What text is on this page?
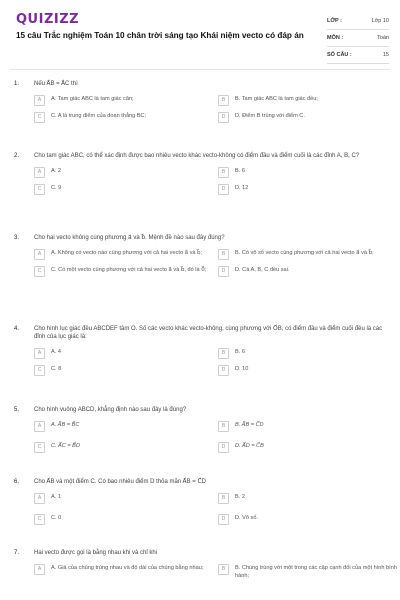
QUIZIZZ
15 câu Trắc nghiệm Toán 10 chân trời sáng tạo Khái niệm vecto có đáp án
LỚP :	Lớp 10
MÔN :	Toán
SỐ CÂU :	15
1.	Nếu A⃗B = A⃗C thì
A	A. Tam giác ABC là tam giác cân;	B	B. Tam giác ABC là tam giác đều;
C	C. A là trung điểm của đoạn thẳng BC;	D	D. Điểm B trùng với điểm C.
2.	Cho tam giác ABC, có thể xác định được bao nhiêu vecto khác vecto-không có điểm đầu và điểm cuối là các đỉnh A, B, C?
A	A. 2	B	B. 6
C	C. 9	D	D. 12
3.	Cho hai vecto không cùng phương a⃗ và b⃗. Mệnh đề nào sau đây đúng?
A	A. Không có vecto nào cùng phương với cả hai vecto a⃗ và b⃗;	B	B. Có vô số vecto cùng phương với cả hai vecto a⃗ và b⃗;
C	C. Có một vecto cùng phương với cả hai vecto a⃗ và b⃗, đó là 0⃗;	D	D. Cả A, B, C đều sai.
4.	Cho hình lục giác đều ABCDEF tâm O. Số các vecto khác vecto-không, cùng phương với O⃗B, có điểm đầu và điểm cuối đều là các đỉnh của lục giác là:
A	A. 4	B	B. 6
C	C. 8	D	D. 10
5.	Cho hình vuông ABCD, khẳng định nào sau đây là đúng?
A	A. A⃗B = B⃗C	B	B. A⃗B = C⃗D
C	C. A⃗C = B⃗D	D	D. A⃗D = C⃗B
6.	Cho A⃗B và một điểm C. Có bao nhiêu điểm D thỏa mãn A⃗B = C⃗D
A	A. 1	B	B. 2
C	C. 0	D	D. Vô số.
7.	Hai vecto được gọi là bằng nhau khi và chỉ khi
A	A. Giá của chúng trùng nhau và độ dài của chúng bằng nhau;	B	B. Chúng trùng với một trong các cặp cạnh đối của một hình bình hành;
